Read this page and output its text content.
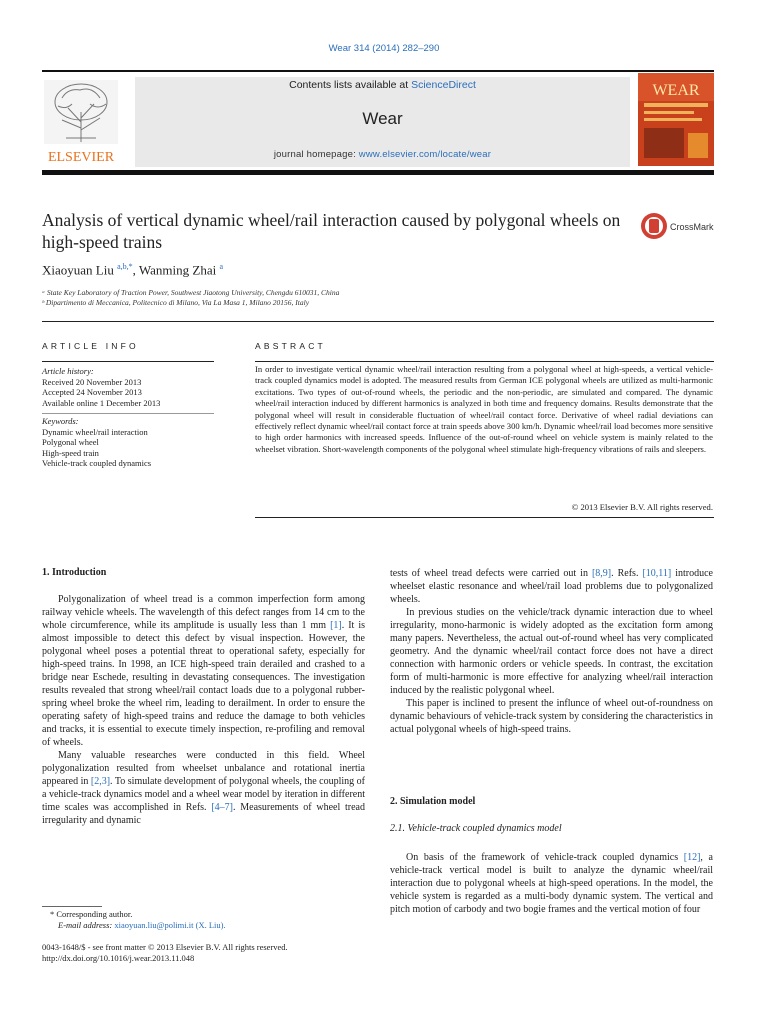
Wear 314 (2014) 282–290
ELSEVIER
Contents lists available at ScienceDirect
Wear
journal homepage: www.elsevier.com/locate/wear
WEAR
Analysis of vertical dynamic wheel/rail interaction caused by polygonal wheels on high-speed trains
CrossMark
Xiaoyuan Liu $^{a,b,*}$, Wanming Zhai $^a$
ᵃ State Key Laboratory of Traction Power, Southwest Jiaotong University, Chengdu 610031, China
ᵇ Dipartimento di Meccanica, Politecnico di Milano, Via La Masa 1, Milano 20156, Italy
ARTICLE INFO
Article history:
Received 20 November 2013
Accepted 24 November 2013
Available online 1 December 2013
Keywords:
Dynamic wheel/rail interaction
Polygonal wheel
High-speed train
Vehicle-track coupled dynamics
ABSTRACT
In order to investigate vertical dynamic wheel/rail interaction resulting from a polygonal wheel at high-speeds, a vertical vehicle-track coupled dynamics model is adopted. The measured results from German ICE polygonal wheels are utilized as multi-harmonic excitations. Two types of out-of-round wheels, the periodic and the non-periodic, are simulated and compared. The dynamic wheel/rail interaction induced by different harmonics is analyzed in both time and frequency domains. Results demonstrate that the polygonal wheel will result in considerable fluctuation of wheel/rail contact force. Derivative of wheel radial deviations can effectively reflect dynamic wheel/rail contact force at train speeds above 300 km/h. Dynamic wheel/rail load becomes more sensitive to high order harmonics with increased speeds. Influence of the out-of-round wheel on vehicle system is mainly related to the wheelset vibration. Short-wavelength components of the polygonal wheel stimulate high-frequency vibrations of rails and sleepers.
© 2013 Elsevier B.V. All rights reserved.
1. Introduction

Polygonalization of wheel tread is a common imperfection form among railway vehicle wheels. The wavelength of this defect ranges from 14 cm to the whole circumference, while its amplitude is usually less than 1 mm [1]. It is almost impossible to detect this defect by visual inspection. However, the polygonal wheel poses a potential threat to operational safety, especially for high-speed trains. In 1998, an ICE high-speed train derailed and crashed to a bridge near Eschede, resulting in devastating consequences. The investigation results revealed that strong wheel/rail contact loads due to a polygonal rubber-spring wheel broke the wheel rim, leading to derailment. In order to ensure the operating safety of high-speed trains and reduce the damage to both vehicles and tracks, it is essential to execute timely inspection, re-profiling and removal of wheels.

Many valuable researches were conducted in this field. Wheel polygonalization resulted from wheelset unbalance and rotational inertia appeared in [2,3]. To simulate development of polygonal wheels, the coupling of a vehicle-track dynamics model and a wheel wear model by iteration in different time scales was accomplished in Refs. [4–7]. Measurements of wheel tread irregularity and dynamic

* Corresponding author.
E-mail address: xiaoyuan.liu@polimi.it (X. Liu).
0043-1648/$ - see front matter © 2013 Elsevier B.V. All rights reserved.
http://dx.doi.org/10.1016/j.wear.2013.11.048

tests of wheel tread defects were carried out in [8,9]. Refs. [10,11] introduce wheelset elastic resonance and wheel/rail load problems due to polygonalized wheels.

In previous studies on the vehicle/track dynamic interaction due to wheel irregularity, mono-harmonic is widely adopted as the excitation form among many papers. Nevertheless, the actual out-of-round wheel has very complicated geometry. And the dynamic wheel/rail contact force does not have a direct connection with harmonic orders or vehicle speeds. In contrast, the excitation form of multi-harmonic is more effective for analyzing wheel/rail interaction induced by the realistic polygonal wheel.

This paper is inclined to present the influnce of wheel out-of-roundness on dynamic behaviours of vehicle-track system by considering the characteristics in actual polygonal wheels of high-speed trains.

2. Simulation model
2.1. Vehicle-track coupled dynamics model

On basis of the framework of vehicle-track coupled dynamics [12], a vehicle-track vertical model is built to analyze the dynamic wheel/rail interaction due to polygonal wheels at high-speed operations. In the model, the vehicle system is regarded as a multi-body dynamic system. The vertical and pitch motion of carbody and two bogie frames and the vertical motion of four
